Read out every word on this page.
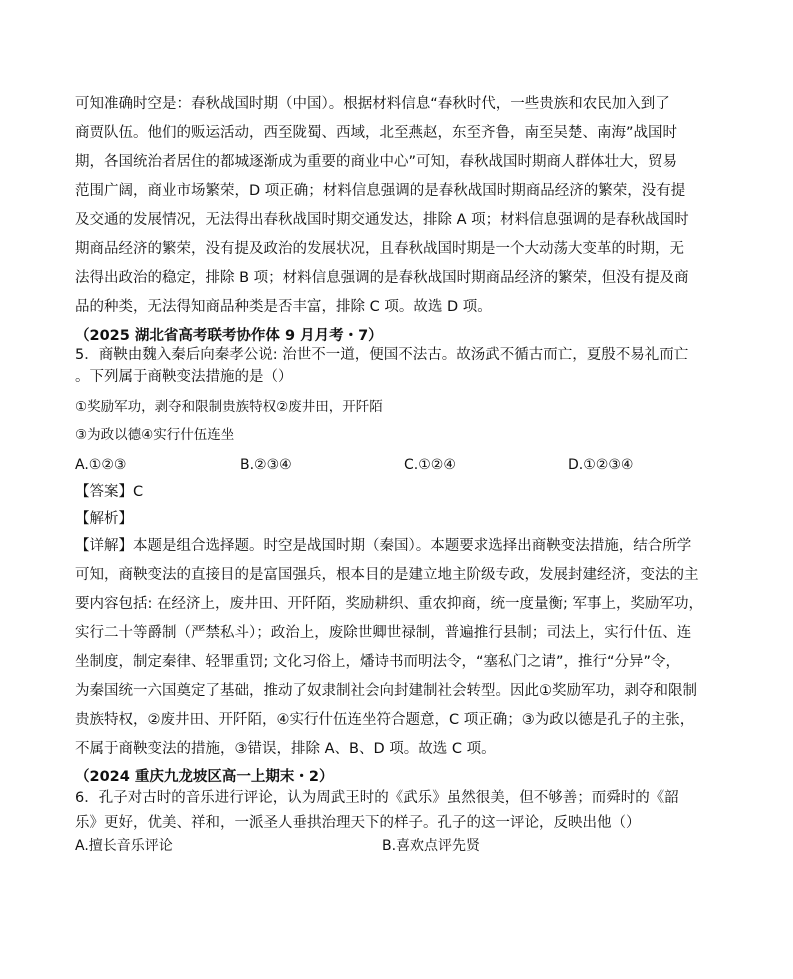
可知准确时空是：春秋战国时期（中国）。根据材料信息“春秋时代，一些贵族和农民加入到了
商贾队伍。他们的贩运活动，西至陇蜀、西域，北至燕赵，东至齐鲁，南至吴楚、南海”战国时
期，各国统治者居住的都城逐渐成为重要的商业中心”可知，春秋战国时期商人群体壮大，贸易
范围广阔，商业市场繁荣，D 项正确；材料信息强调的是春秋战国时期商品经济的繁荣，没有提
及交通的发展情况，无法得出春秋战国时期交通发达，排除 A 项；材料信息强调的是春秋战国时
期商品经济的繁荣，没有提及政治的发展状况，且春秋战国时期是一个大动荡大变革的时期，无
法得出政治的稳定，排除 B 项；材料信息强调的是春秋战国时期商品经济的繁荣，但没有提及商
品的种类，无法得知商品种类是否丰富，排除 C 项。故选 D 项。
（2025 湖北省高考联考协作体 9 月月考・7）
5．商鞅由魏入秦后向秦孝公说: 治世不一道，便国不法古。故汤武不循古而亡，夏殷不易礼而亡
。下列属于商鞅变法措施的是（）
①奖励军功，剥夺和限制贵族特权②废井田，开阡陌
③为政以德④实行什伍连坐
A.①②③	B.②③④	C.①②④	D.①②③④
【答案】C
【解析】
【详解】本题是组合选择题。时空是战国时期（秦国）。本题要求选择出商鞅变法措施，结合所学
可知，商鞅变法的直接目的是富国强兵，根本目的是建立地主阶级专政，发展封建经济，变法的主
要内容包括: 在经济上，废井田、开阡陌，奖励耕织、重农抑商，统一度量衡; 军事上，奖励军功，
实行二十等爵制（严禁私斗）；政治上，废除世卿世禄制，普遍推行县制；司法上，实行什伍、连
坐制度，制定秦律、轻罪重罚; 文化习俗上，燔诗书而明法令，“塞私门之请”，推行“分异”令，
为秦国统一六国奠定了基础，推动了奴隶制社会向封建制社会转型。因此①奖励军功，剥夺和限制
贵族特权，②废井田、开阡陌，④实行什伍连坐符合题意，C 项正确；③为政以德是孔子的主张，
不属于商鞅变法的措施，③错误，排除 A、B、D 项。故选 C 项。
（2024 重庆九龙坡区高一上期末・2）
6．孔子对古时的音乐进行评论，认为周武王时的《武乐》虽然很美，但不够善；而舜时的《韶
乐》更好，优美、祥和，一派圣人垂拱治理天下的样子。孔子的这一评论，反映出他（）
A.擅长音乐评论	B.喜欢点评先贤
